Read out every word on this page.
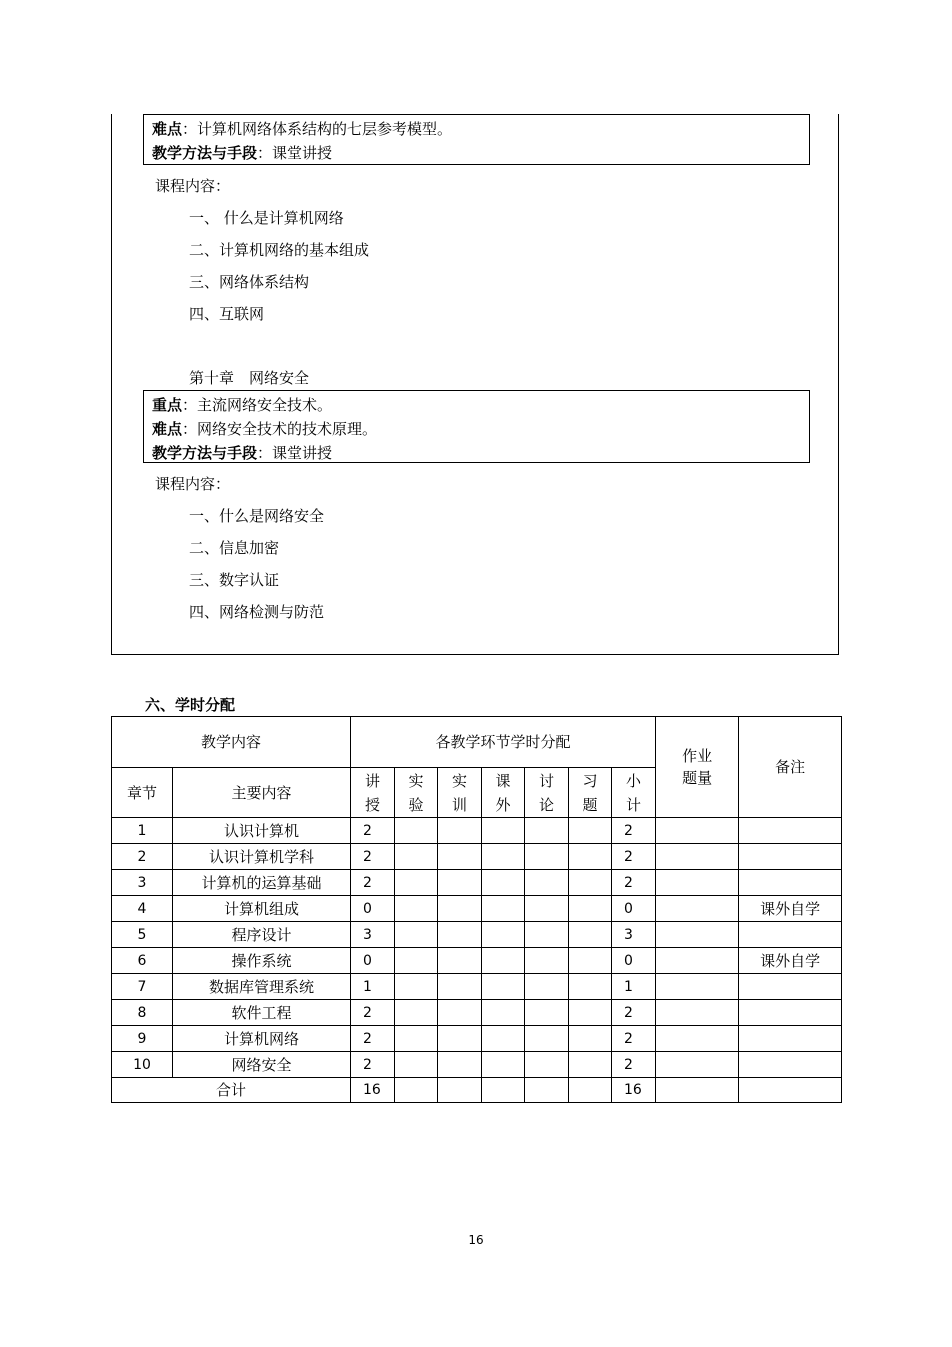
难点：计算机网络体系结构的七层参考模型。
教学方法与手段：课堂讲授
课程内容：
一、 什么是计算机网络
二、计算机网络的基本组成
三、网络体系结构
四、互联网
第十章　网络安全
重点：主流网络安全技术。
难点：网络安全技术的技术原理。
教学方法与手段：课堂讲授
课程内容：
一、什么是网络安全
二、信息加密
三、数字认证
四、网络检测与防范
六、学时分配
教学内容		各教学环节学时分配							作业题量	备注
章节	主要内容	讲授	实验	实训	课外	讨论	习题	小计		

1	认识计算机	2						2		
2	认识计算机学科	2						2		
3	计算机的运算基础	2						2		
4	计算机组成	0						0		课外自学
5	程序设计	3						3		
6	操作系统	0						0		课外自学
7	数据库管理系统	1						1		
8	软件工程	2						2		
9	计算机网络	2						2		
10	网络安全	2						2		
合计		16						16		
16
